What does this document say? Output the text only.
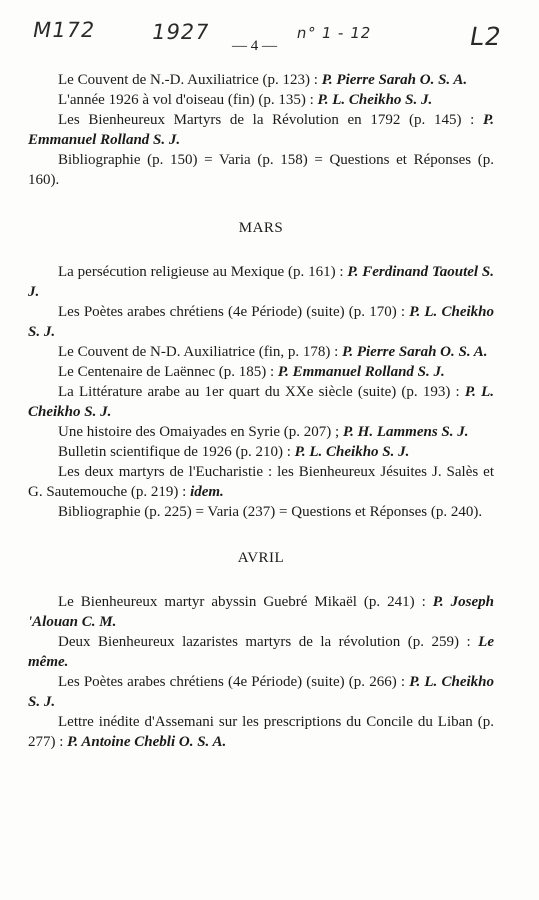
M172	1927	n° 1 - 12	L2
— 4 —

Le Couvent de N.-D. Auxiliatrice (p. 123) : P. Pierre Sarah O. S. A.

L'année 1926 à vol d'oiseau (fin) (p. 135) : P. L. Cheikho S. J.

Les Bienheureux Martyrs de la Révolution en 1792 (p. 145) : P. Emmanuel Rolland S. J.

Bibliographie (p. 150) = Varia (p. 158) = Questions et Réponses (p. 160).

MARS

La persécution religieuse au Mexique (p. 161) : P. Ferdinand Taoutel S. J.

Les Poètes arabes chrétiens (4e Période) (suite) (p. 170) : P. L. Cheikho S. J.

Le Couvent de N-D. Auxiliatrice (fin, p. 178) : P. Pierre Sarah O. S. A.

Le Centenaire de Laënnec (p. 185) : P. Emmanuel Rolland S. J.

La Littérature arabe au 1er quart du XXe siècle (suite) (p. 193) : P. L. Cheikho S. J.

Une histoire des Omaiyades en Syrie (p. 207) ; P. H. Lammens S. J.

Bulletin scientifique de 1926 (p. 210) : P. L. Cheikho S. J.

Les deux martyrs de l'Eucharistie : les Bienheureux Jésuites J. Salès et G. Sautemouche (p. 219) : idem.

Bibliographie (p. 225) = Varia (237) = Questions et Réponses (p. 240).

AVRIL

Le Bienheureux martyr abyssin Guebré Mikaël (p. 241) : P. Joseph 'Alouan C. M.

Deux Bienheureux lazaristes martyrs de la révolution (p. 259) : Le même.

Les Poètes arabes chrétiens (4e Période) (suite) (p. 266) : P. L. Cheikho S. J.

Lettre inédite d'Assemani sur les prescriptions du Concile du Liban (p. 277) : P. Antoine Chebli O. S. A.
